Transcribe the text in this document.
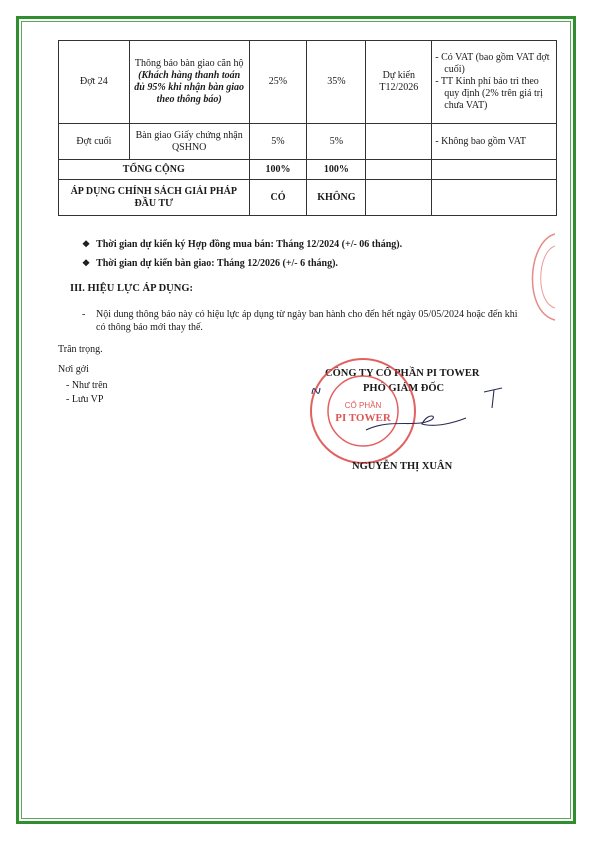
Đợt 24	Thông báo bàn giao căn hộ (Khách hàng thanh toán đủ 95% khi nhận bàn giao theo thông báo)	25%	35%	Dự kiến T12/2026	- Có VAT (bao gồm VAT đợt cuối)
- TT Kinh phí bảo trì theo quy định (2% trên giá trị chưa VAT)

Đợt cuối	Bàn giao Giấy chứng nhận QSHNO	5%	5%		- Không bao gồm VAT
TỔNG CỘNG		100%	100%		
ÁP DỤNG CHÍNH SÁCH GIẢI PHÁP ĐẦU TƯ		CÓ	KHÔNG		
❖ Thời gian dự kiến ký Hợp đồng mua bán: Tháng 12/2024 (+/- 06 tháng).
❖ Thời gian dự kiến bàn giao: Tháng 12/2026 (+/- 6 tháng).
III. HIỆU LỰC ÁP DỤNG:
- Nội dung thông báo này có hiệu lực áp dụng từ ngày ban hành cho đến hết ngày 05/05/2024 hoặc đến khi có thông báo mới thay thế.
Trân trọng.
Nơi gởi
- Như trên
- Lưu VP
CÔNG TY CỔ PHẦN PI TOWER
PHÓ GIÁM ĐỐC
CỔ PHẦN
PI TOWER
NGUYỄN THỊ XUÂN
